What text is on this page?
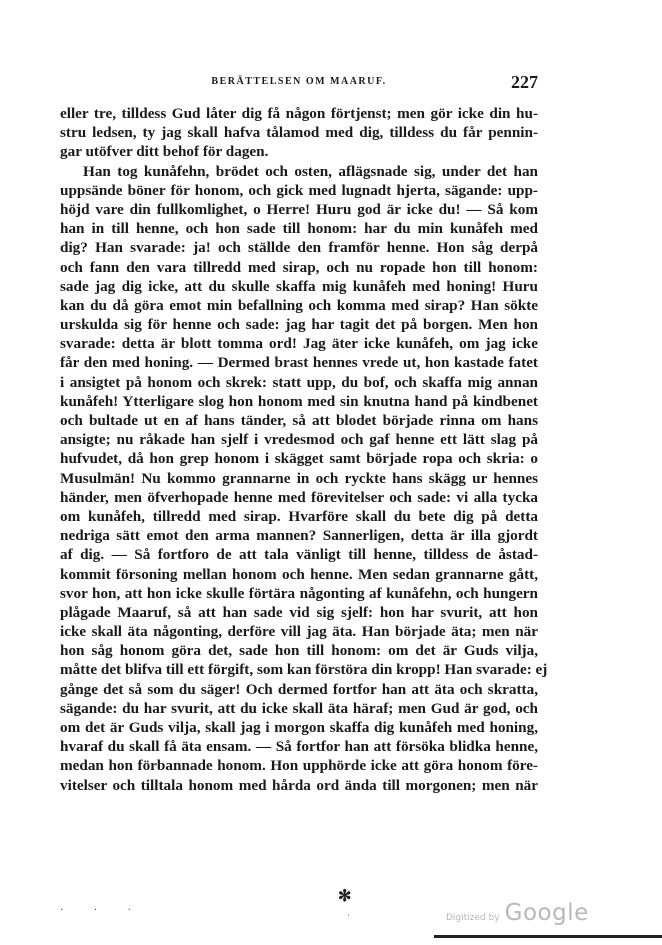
BERÄTTELSEN OM MAARUF.	227
eller tre, tilldess Gud låter dig få någon förtjenst; men gör icke din hu-
stru ledsen, ty jag skall hafva tålamod med dig, tilldess du får pennin-
gar utöfver ditt behof för dagen.
Han tog kunåfehn, brödet och osten, aflägsnade sig, under det han
uppsände böner för honom, och gick med lugnadt hjerta, sägande: upp-
höjd vare din fullkomlighet, o Herre! Huru god är icke du! — Så kom
han in till henne, och hon sade till honom: har du min kunåfeh med
dig? Han svarade: ja! och ställde den framför henne. Hon såg derpå
och fann den vara tillredd med sirap, och nu ropade hon till honom:
sade jag dig icke, att du skulle skaffa mig kunåfeh med honing! Huru
kan du då göra emot min befallning och komma med sirap? Han sökte
urskulda sig för henne och sade: jag har tagit det på borgen. Men hon
svarade: detta är blott tomma ord! Jag äter icke kunåfeh, om jag icke
får den med honing. — Dermed brast hennes vrede ut, hon kastade fatet
i ansigtet på honom och skrek: statt upp, du bof, och skaffa mig annan
kunåfeh! Ytterligare slog hon honom med sin knutna hand på kindbenet
och bultade ut en af hans tänder, så att blodet började rinna om hans
ansigte; nu råkade han sjelf i vredesmod och gaf henne ett lätt slag på
hufvudet, då hon grep honom i skägget samt började ropa och skria: o
Musulmän! Nu kommo grannarne in och ryckte hans skägg ur hennes
händer, men öfverhopade henne med förevitelser och sade: vi alla tycka
om kunåfeh, tillredd med sirap. Hvarföre skall du bete dig på detta
nedriga sätt emot den arma mannen? Sannerligen, detta är illa gjordt
af dig. — Så fortforo de att tala vänligt till henne, tilldess de åstad-
kommit försoning mellan honom och henne. Men sedan grannarne gått,
svor hon, att hon icke skulle förtära någonting af kunåfehn, och hungern
plågade Maaruf, så att han sade vid sig sjelf: hon har svurit, att hon
icke skall äta någonting, derföre vill jag äta. Han började äta; men när
hon såg honom göra det, sade hon till honom: om det är Guds vilja,
måtte det blifva till ett förgift, som kan förstöra din kropp! Han svarade: ej
gånge det så som du säger! Och dermed fortfor han att äta och skratta,
sägande: du har svurit, att du icke skall äta häraf; men Gud är god, och
om det är Guds vilja, skall jag i morgon skaffa dig kunåfeh med honing,
hvaraf du skall få äta ensam. — Så fortfor han att försöka blidka henne,
medan hon förbannade honom. Hon upphörde icke att göra honom före-
vitelser och tilltala honom med hårda ord ända till morgonen; men när
✻
· · ·	·	Digitized by Google
